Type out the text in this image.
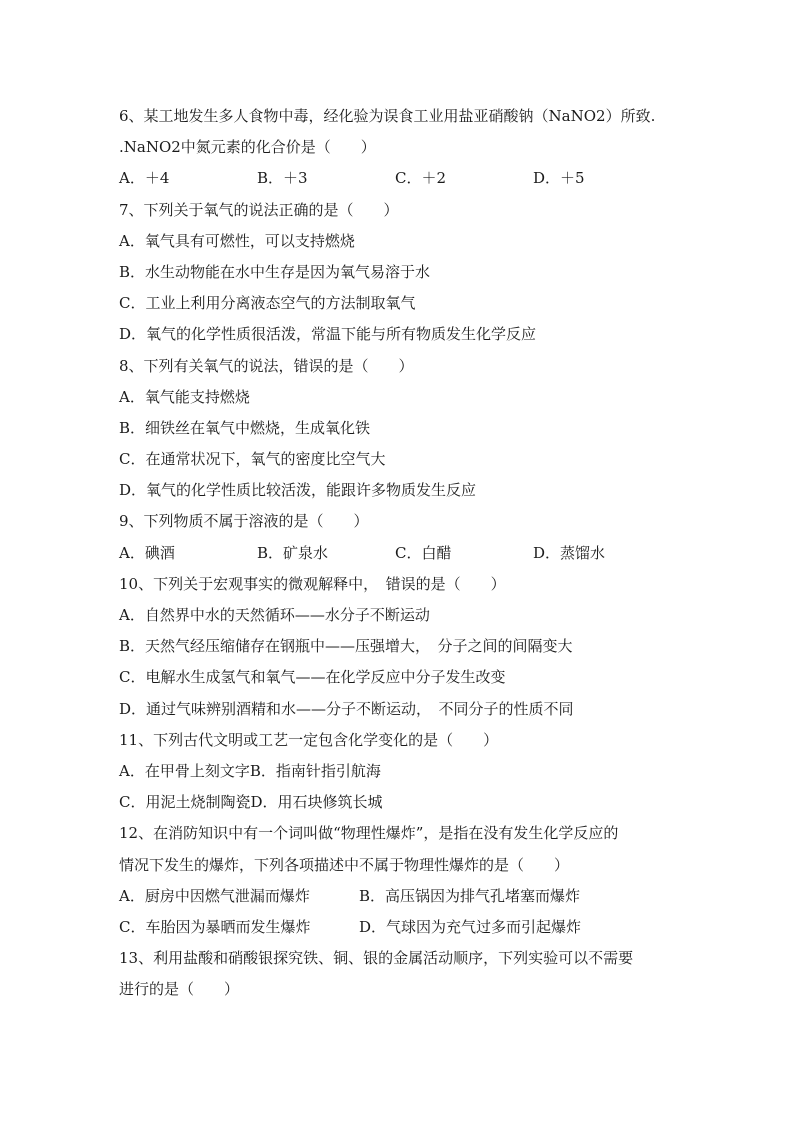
6、某工地发生多人食物中毒，经化验为误食工业用盐亚硝酸钠（NaNO2）所致.
.NaNO2中氮元素的化合价是（　　）
A．＋4	B．＋3	C．＋2	D．＋5
7、下列关于氧气的说法正确的是（　　）
A．氧气具有可燃性，可以支持燃烧
B．水生动物能在水中生存是因为氧气易溶于水
C．工业上利用分离液态空气的方法制取氧气
D．氧气的化学性质很活泼，常温下能与所有物质发生化学反应
8、下列有关氧气的说法，错误的是（　　）
A．氧气能支持燃烧
B．细铁丝在氧气中燃烧，生成氧化铁
C．在通常状况下，氧气的密度比空气大
D．氧气的化学性质比较活泼，能跟许多物质发生反应
9、下列物质不属于溶液的是（　　）
A．碘酒	B．矿泉水	C．白醋	D．蒸馏水
10、下列关于宏观事实的微观解释中，　错误的是（　　）
A．自然界中水的天然循环——水分子不断运动
B．天然气经压缩储存在钢瓶中——压强增大，　分子之间的间隔变大
C．电解水生成氢气和氧气——在化学反应中分子发生改变
D．通过气味辨别酒精和水——分子不断运动，　不同分子的性质不同
11、下列古代文明或工艺一定包含化学变化的是（　　）
A．在甲骨上刻文字B．指南针指引航海
C．用泥土烧制陶瓷D．用石块修筑长城
12、在消防知识中有一个词叫做“物理性爆炸”，是指在没有发生化学反应的
情况下发生的爆炸，下列各项描述中不属于物理性爆炸的是（　　）
A．厨房中因燃气泄漏而爆炸	B．高压锅因为排气孔堵塞而爆炸
C．车胎因为暴晒而发生爆炸	D．气球因为充气过多而引起爆炸
13、利用盐酸和硝酸银探究铁、铜、银的金属活动顺序，下列实验可以不需要
进行的是（　　）
